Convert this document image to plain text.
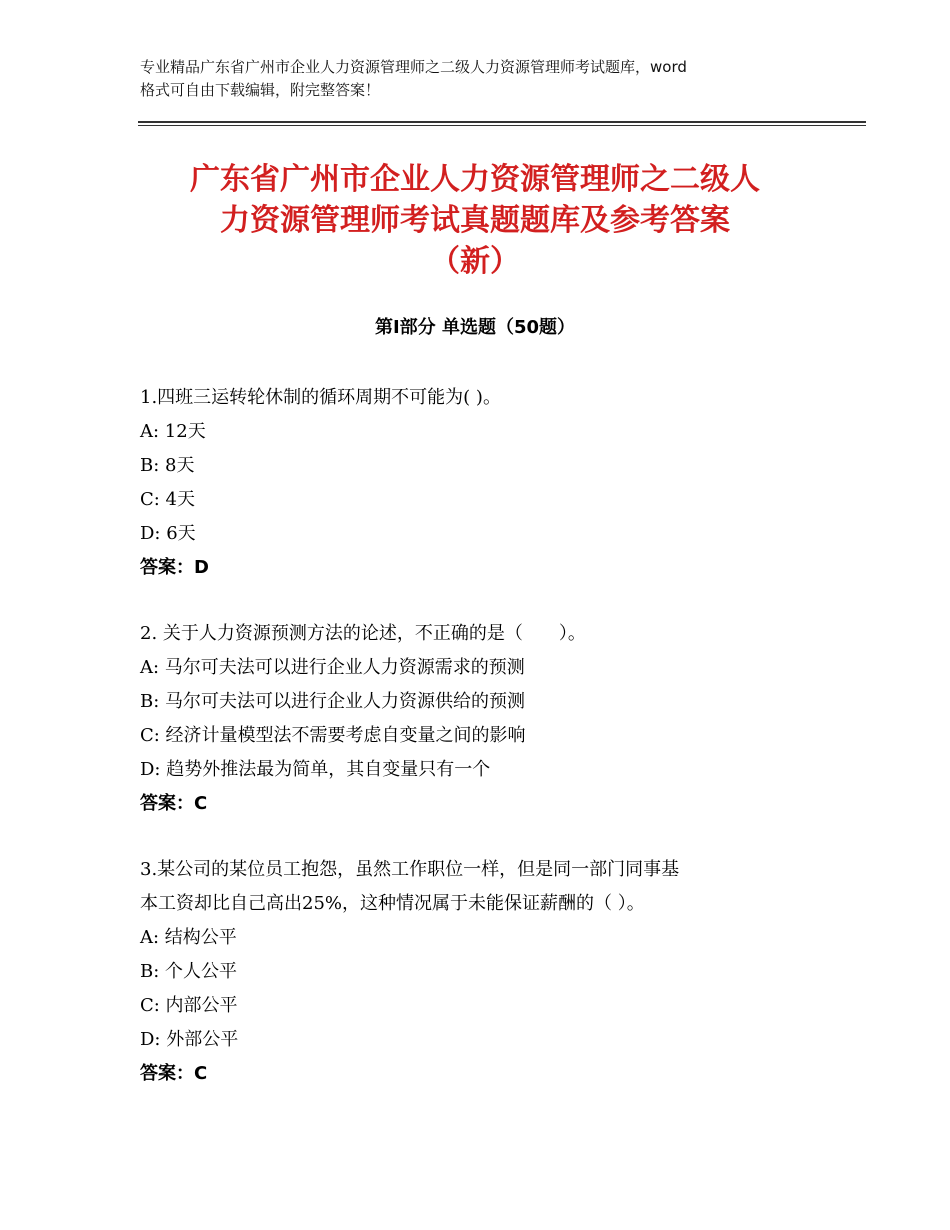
专业精品广东省广州市企业人力资源管理师之二级人力资源管理师考试题库，word
格式可自由下载编辑，附完整答案！
广东省广州市企业人力资源管理师之二级人
力资源管理师考试真题题库及参考答案
（新）
第Ⅰ部分 单选题（50题）
1.四班三运转轮休制的循环周期不可能为( )。
A: 12天
B: 8天
C: 4天
D: 6天
答案：D
2. 关于人力资源预测方法的论述，不正确的是（　　）。
A: 马尔可夫法可以进行企业人力资源需求的预测
B: 马尔可夫法可以进行企业人力资源供给的预测
C: 经济计量模型法不需要考虑自变量之间的影响
D: 趋势外推法最为简单，其自变量只有一个
答案：C
3.某公司的某位员工抱怨，虽然工作职位一样，但是同一部门同事基
本工资却比自己高出25%，这种情况属于未能保证薪酬的（ ）。
A: 结构公平
B: 个人公平
C: 内部公平
D: 外部公平
答案：C
